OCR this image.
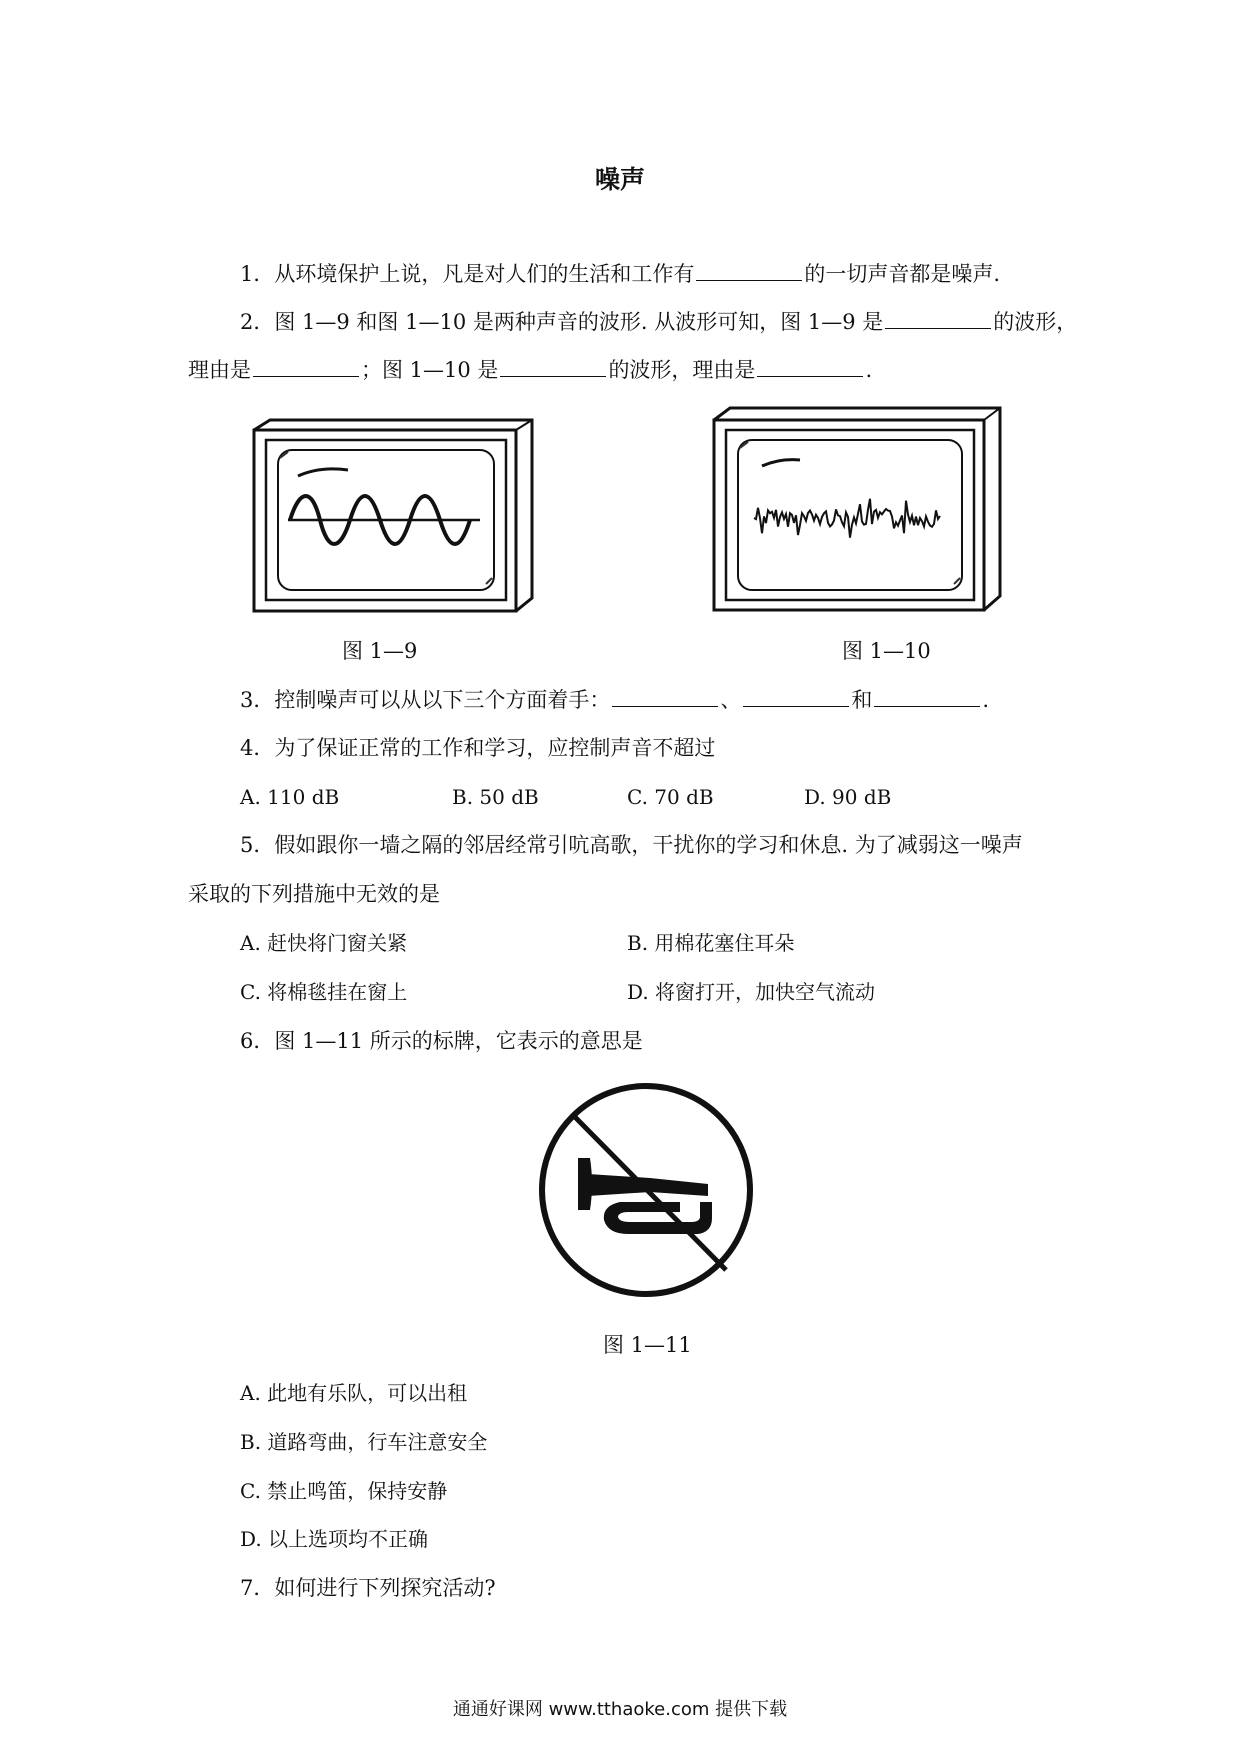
噪声
1．从环境保护上说，凡是对人们的生活和工作有	的一切声音都是噪声.
2．图 1—9 和图 1—10 是两种声音的波形. 从波形可知，图 1—9 是	的波形，
理由是	；图 1—10 是	的波形，理由是	.
图 1—9	图 1—10
3．控制噪声可以从以下三个方面着手：	、	和	.
4．为了保证正常的工作和学习，应控制声音不超过
A. 110 dB	B. 50 dB	C. 70 dB	D. 90 dB
5．假如跟你一墙之隔的邻居经常引吭高歌，干扰你的学习和休息. 为了减弱这一噪声
采取的下列措施中无效的是
A. 赶快将门窗关紧	B. 用棉花塞住耳朵
C. 将棉毯挂在窗上	D. 将窗打开，加快空气流动
6．图 1—11 所示的标牌，它表示的意思是
图 1—11
A. 此地有乐队，可以出租
B. 道路弯曲，行车注意安全
C. 禁止鸣笛，保持安静
D. 以上选项均不正确
7．如何进行下列探究活动?
通通好课网 www.tthaoke.com 提供下载
